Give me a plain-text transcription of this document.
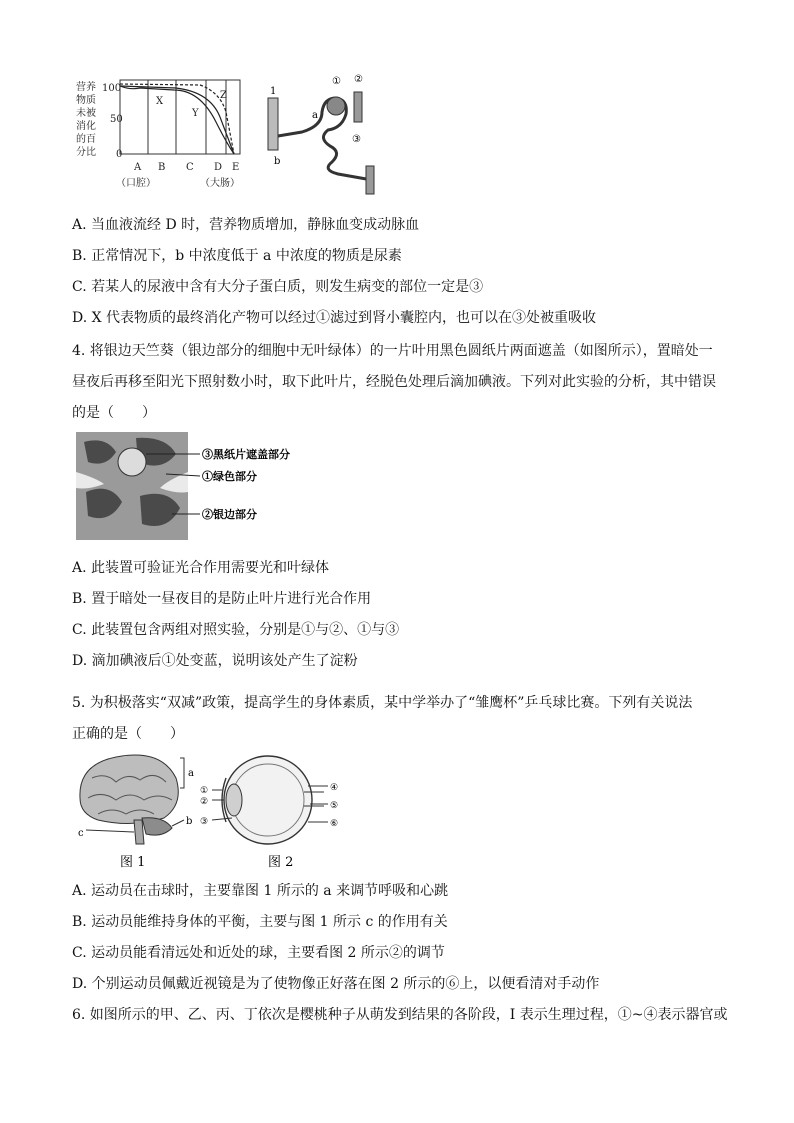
营养
物质
未被
消化
的百
分比
100
50
0
X
Y
Z
A B C D E
（口腔）	（大肠）
1
b
① ②
a
③
A. 当血液流经 D 时，营养物质增加，静脉血变成动脉血
B. 正常情况下，b 中浓度低于 a 中浓度的物质是尿素
C. 若某人的尿液中含有大分子蛋白质，则发生病变的部位一定是③
D. X 代表物质的最终消化产物可以经过①滤过到肾小囊腔内，也可以在③处被重吸收
4. 将银边天竺葵（银边部分的细胞中无叶绿体）的一片叶用黑色圆纸片两面遮盖（如图所示），置暗处一
昼夜后再移至阳光下照射数小时，取下此叶片，经脱色处理后滴加碘液。下列对此实验的分析，其中错误
的是（　　）
③黑纸片遮盖部分
①绿色部分
②银边部分
A. 此装置可验证光合作用需要光和叶绿体
B. 置于暗处一昼夜目的是防止叶片进行光合作用
C. 此装置包含两组对照实验，分别是①与②、①与③
D. 滴加碘液后①处变蓝，说明该处产生了淀粉
5. 为积极落实“双减”政策，提高学生的身体素质，某中学举办了“雏鹰杯”乒乓球比赛。下列有关说法
正确的是（　　）
a
b
c
①
②
③
④
⑤
⑥
图 1	图 2
A. 运动员在击球时，主要靠图 1 所示的 a 来调节呼吸和心跳
B. 运动员能维持身体的平衡，主要与图 1 所示 c 的作用有关
C. 运动员能看清远处和近处的球，主要看图 2 所示②的调节
D. 个别运动员佩戴近视镜是为了使物像正好落在图 2 所示的⑥上，以便看清对手动作
6. 如图所示的甲、乙、丙、丁依次是樱桃种子从萌发到结果的各阶段，I 表示生理过程，①~④表示器官或
